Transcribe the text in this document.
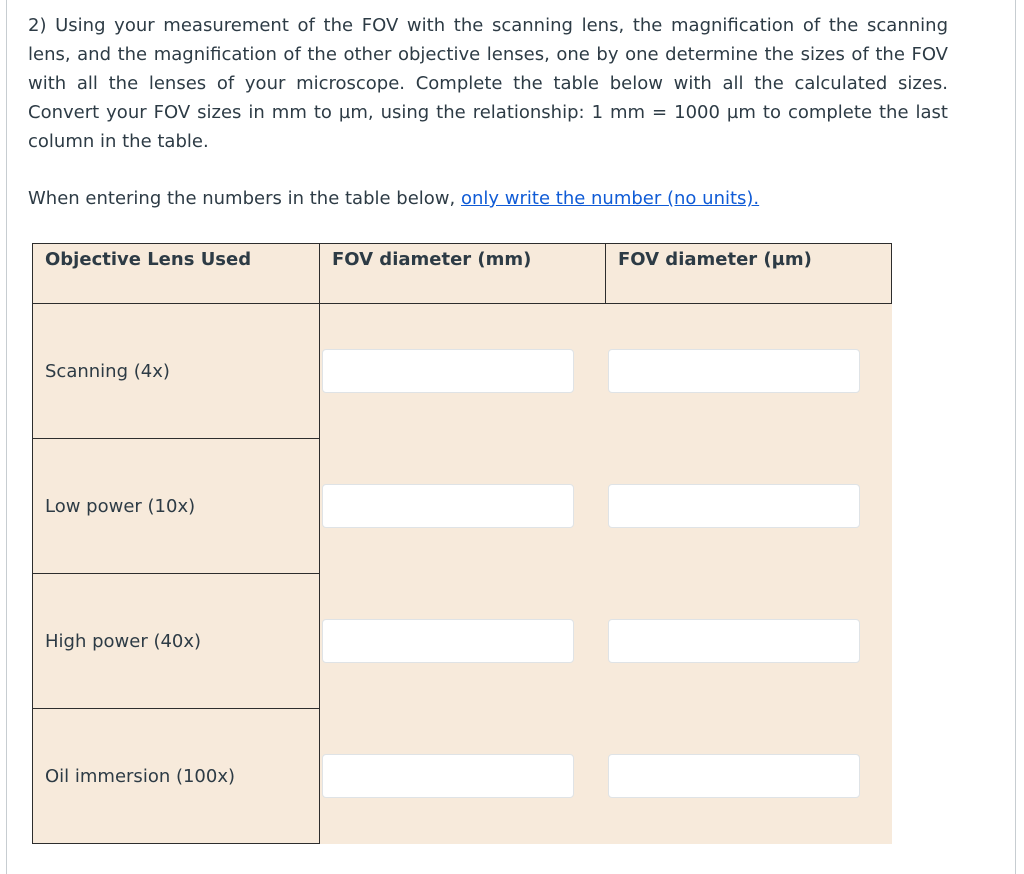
2) Using your measurement of the FOV with the scanning lens, the magnification of the scanning lens, and the magnification of the other objective lenses, one by one determine the sizes of the FOV with all the lenses of your microscope. Complete the table below with all the calculated sizes. Convert your FOV sizes in mm to µm, using the relationship: 1 mm = 1000 µm to complete the last column in the table.

When entering the numbers in the table below, only write the number (no units).

Objective Lens Used	FOV diameter (mm)	FOV diameter (µm)
Scanning (4x)	

Low power (10x)	

High power (40x)	

Oil immersion (100x)	
